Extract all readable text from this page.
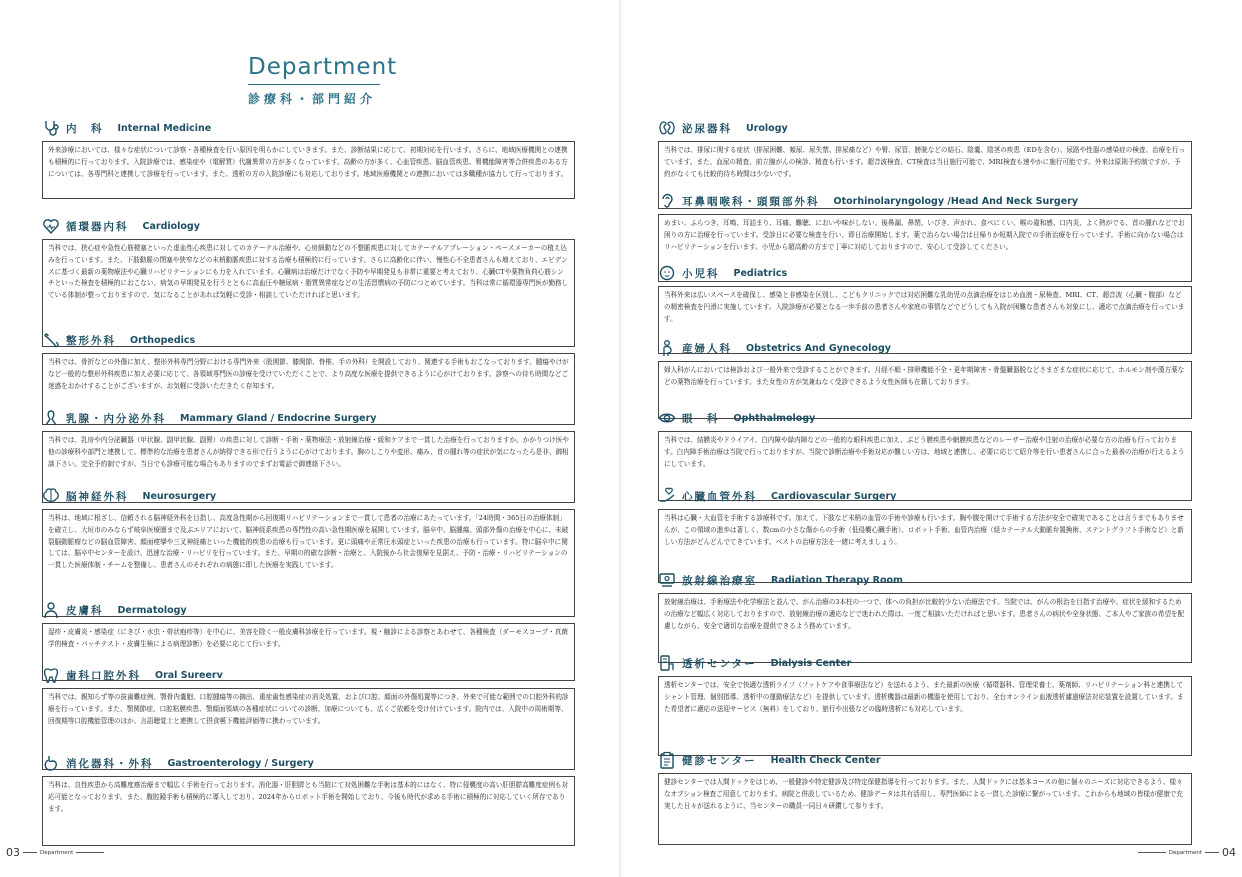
Department
診療科・部門紹介
内　科 Internal Medicine
外来診療においては、様々な症状について診察・各種検査を行い原因を明らかにしていきます。また、診断結果に応じて、初期対応を行います。さらに、地域医療機関との連携も積極的に行っております。入院診療では、感染症や（電解質）代謝異常の方が多くなっています。高齢の方が多く、心血管疾患、脳血管疾患、腎機能障害等合併疾患のある方については、各専門科と連携して診療を行っています。また、透析の方の入院診療にも対応しております。地域医療機関との連携においては多職種が協力して行っております。
循環器内科 Cardiology
当科では、狭心症や急性心筋梗塞といった虚血性心疾患に対してのカテーテル治療や、心房細動などの不整脈疾患に対してカテーテルアブレーション・ペースメーカーの植え込みを行っています。また、下肢動脈の閉塞や狭窄などの末梢動脈疾患に対する治療も積極的に行っています。さらに高齢化に伴い、慢性心不全患者さんも増えており、エビデンスに基づく最新の薬物療法や心臓リハビリテーションにも力を入れています。心臓病は治療だけでなく予防や早期発見も非常に重要と考えており、心臓CTや薬物負荷心筋シンチといった検査を積極的におこない、病気の早期発見を行うとともに高血圧や糖尿病・脂質異常症などの生活習慣病の予防につとめています。当科は常に循環器専門医が勤務している体制が整っておりますので、気になることがあれば気軽に受診・相談していただければと思います。
整形外科 Orthopedics
当科では、骨折などの外傷に加え、整形外科専門分野における専門外来（股関節、膝関節、脊椎、手の外科）を開設しており、関連する手術もおこなっております。腫瘍やけがなど一般的な整形外科疾患に加え必要に応じて、各領域専門医の診療を受けていただくことで、より高度な医療を提供できるように心がけております。診察への待ち時間などご迷惑をおかけすることがございますが、お気軽に受診いただきたく存知ます。
乳腺・内分泌外科 Mammary Gland / Endocrine Surgery
当科では、乳房や内分泌臓器（甲状腺、副甲状腺、副腎）の疾患に対して診断・手術・薬物療法・放射線治療・緩和ケアまで一貫した治療を行っておりますか。かかりつけ医や他の診療科や部門と連携して、標準的な治療を患者さんが納得できる形で行うように心がけております。胸のしこりや変形、痛み、首の腫れ等の症状が気になったら是非、御相談下さい。完全予約制ですが、当日でも診療可能な場合もありますのでまずお電話で御連絡下さい。
脳神経外科 Neurosurgery
当科は、地域に根ざし、信頼される脳神経外科を目指し、高度急性期から回復期リハビリテーションまで一貫して患者の治療にあたっています。「24時間・365日の治療体制」を確立し、大垣市のみならず岐阜医療圏まで及ぶエリアにおいて、脳神経系疾患の専門性の高い急性期医療を展開しています。脳卒中、脳腫瘍、頭部外傷の治療を中心に、未破裂脳動脈瘤などの脳血管障害、顔面痙攣や三叉神経痛といった機能的疾患の治療も行っています。更に頭痛や正常圧水頭症といった疾患の治療も行っています。特に脳卒中に関しては、脳卒中センターを設け、迅速な治療・リハビリを行っています。また、早期の的確な診断・治療と、入院後から社会復帰を見据え、予防・治療・リハビリテーションの一貫した医療体制・チームを整備し、患者さんのそれぞれの病態に即した医療を実践しています。
皮膚科 Dermatology
湿疹・皮膚炎・感染症（にきび・水虫・帯状疱疹等）を中心に、美容を除く一般皮膚科診療を行っています。視・触診による診察とあわせて、各種検査（ダーモスコープ・真菌学的検査・パッチテスト・皮膚生検による病理診断）を必要に応じて行います。
歯科口腔外科 Oral Sureerv
当科では、親知らず等の抜歯難症例、顎骨内嚢胞、口腔腫瘍等の摘出、重症歯性感染症の消炎処置、および口腔、顔面の外傷処置等につき、外来で可能な範囲での口腔外科的診療を行っています。また、顎関節症、口腔粘膜疾患、顎顔面領域の各種症状についての診断、加療についても、広くご依頼を受け付けています。院内では、入院中の周術期等、回復期等口腔機能管理のほか、言語聴覚士と連携して摂食嚥下機能評価等に携わっています。
消化器科・外科 Gastroenterology / Surgery
当科は、良性疾患から高難度癌治療まで幅広く手術を行っております。消化器・肝胆膵とも当院にて対処困難な手術は基本的にはなく、特に侵襲度の高い肝胆膵高難度症例も対応可能となっております。また、腹腔鏡手術も積極的に導入しており、2024年からロボット手術を開始しており、今後も時代が求める手術に積極的に対応していく所存であります。
03	Department
泌尿器科 Urology
当科では、排尿に関する症状（排尿困難、頻尿、尿失禁、排尿痛など）や腎、尿管、膀胱などの結石、陰嚢、陰茎の疾患（EDを含む）、尿路や性器の感染症の検査、治療を行っています。また、血尿の精査、前立腺がんの検診、精査も行います。超音波検査、CT検査は当日施行可能で、MRI検査も速やかに施行可能です。外来は原則予約制ですが、予約がなくても比較的待ち時間は少ないです。
耳鼻咽喉科・頭頸部外科 Otorhinolaryngology /Head And Neck Surgery
めまい、ふらつき、耳鳴、耳詰まり、耳痛、難聴、においや味がしない、後鼻漏、鼻閉、いびき、声がれ、食べにくい、喉の違和感、口内炎、よく熱がでる、首の腫れなどでお困りの方に治療を行っています。受診日に必要な検査を行い、即日治療開始します。薬で治らない場合は日帰りか短期入院での手術治療を行っています。手術に向かない場合はリハビリテーションを行います。小児から超高齢の方まで丁寧に対応しておりますので、安心して受診してください。
小児科 Pediatrics
当科外来は広いスペースを確保し、感染と非感染を区別し、こどもクリニックでは対応困難な乳幼児の点滴治療をはじめ血液・尿検査、MRI、CT、超音波（心臓・腹部）などの精密検査を円滑に実施しています。入院診療が必要となる一歩手前の患者さんや家庭の事情などでどうしても入院が困難な患者さんも対象にし、適応で点滴治療を行っています。
産婦人科 Obstetrics And Gynecology
婦人科がんにおいては検診および一般外来で受診することができます。月経不順・排卵機能不全・更年期障害・骨盤臓器脱などさまざまな症状に応じて、ホルモン剤や漢方薬などの薬物治療を行っています。また女性の方が気兼ねなく受診できるよう女性医師も在籍しております。
眼　科 Ophthalmology
当科では、結膜炎やドライアイ、白内障や緑内障などの一般的な眼科疾患に加え、ぶどう膜疾患や網膜疾患などのレーザー治療や注射の治療が必要な方の治療も行っております。白内障手術治療は当院で行っておりますが、当院で診断治療や手術対応が難しい方は、地域と連携し、必要に応じて紹介等を行い患者さんに合った最善の治療が行えるようにしています。
心臓血管外科 Cardiovascular Surgery
当科は心臓・大血管を手術する診療科です。加えて、下肢など末梢の血管の手術や診療も行います。胸や腹を開けて手術する方法が安全で確実であることは言うまでもありませんが、この領域の進歩は著しく、数cmの小さな傷からの手術（低侵襲心臓手術）、ロボット手術、血管内治療（経カテーテル大動脈弁置換術、ステントグラフト手術など）と新しい方法がどんどんでてきています。ベストの治療方法を一緒に考えましょう。
放射線治療室 Radiation Therapy Room
放射線治療は、手術療法や化学療法と並んで、がん治療の3本柱の一つで、体への負担が比較的少ない治療法です。当院では、がんの根治を目指す治療や、症状を緩和するための治療など幅広く対応しておりますので、放射線治療の適応などで迷われた際は、一度ご相談いただければと思います。患者さんの病状や全身状態、ご本人やご家族の希望を配慮しながら、安全で適切な治療を提供できるよう務めています。
透析センター Dialysis Center
透析センターでは、安全で快適な透析ライフ（フットケアや食事療法など）を送れるよう、また最新の医療（循環器科、管理栄養士、薬剤師、リハビリテーション科と連携してシャント管理、個別指導、透析中の運動療法など）を提供しています。透析機器は最新の機器を使用しており、全台オンライン血液透析濾過療法対応装置を設置しています。また希望者に適応の送迎サービス（無料）をしており、旅行や出張などの臨時透析にも対応しています。
健診センター Health Check Center
健診センターでは人間ドックをはじめ、一般健診や特定健診及び特定保健指導を行っております。また、人間ドックには基本コースの他に個々のニーズに対応できるよう、様々なオプション検査ご用意しております。病院と併設しているため、健診データは共有活用し、専門医師による一貫した診療に繋がっています。これからも地域の皆様が健康で充実した日々が送れるように、当センターの職員一同日々研鑽して参ります。
Department 04
